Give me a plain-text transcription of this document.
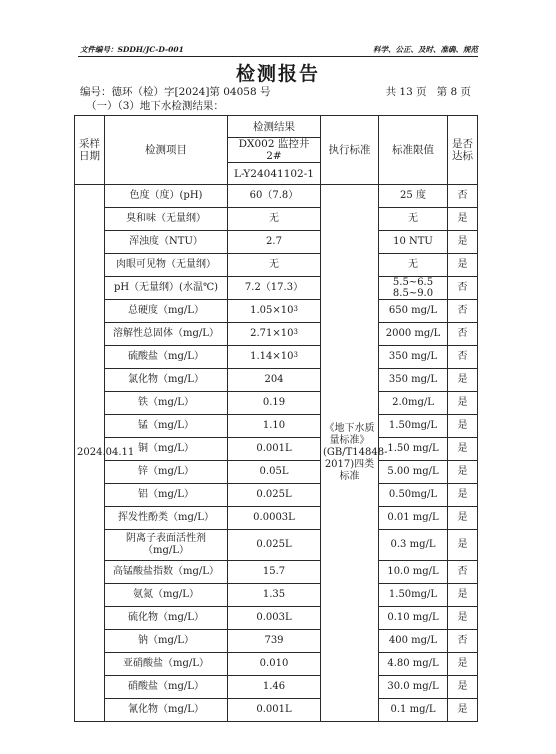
文件编号：SDDH/JC-D-001	科学、公正、及时、准确、规范
检测报告
编号：德环（检）字[2024]第 04058 号	共 13 页 第 8 页
（一）（3）地下水检测结果：
采样日期	检测项目	检测结果	执行标准	标准限值	是否达标
		DX002 监控井 2#			
		L-Y24041102-1			
2024.04.11	色度（度）(pH)	60（7.8）	《地下水质量标准》(GB/T14848-2017)四类标准	25 度	否
	臭和味（无量纲）	无		无	是
	浑浊度（NTU）	2.7		10 NTU	是
	肉眼可见物（无量纲）	无		无	是
	pH（无量纲）(水温℃)	7.2（17.3）		5.5~6.5
8.5~9.0	否
	总硬度（mg/L）	$1.05\times 10^3$		650 mg/L	否
	溶解性总固体（mg/L）	$2.71\times 10^3$		2000 mg/L	否
	硫酸盐（mg/L）	$1.14\times 10^3$		350 mg/L	否
	氯化物（mg/L）	204		350 mg/L	是
	铁（mg/L）	0.19		2.0mg/L	是
	锰（mg/L）	1.10		1.50mg/L	是
	铜（mg/L）	0.001L		1.50 mg/L	是
	锌（mg/L）	0.05L		5.00 mg/L	是
	铝（mg/L）	0.025L		0.50mg/L	是
	挥发性酚类（mg/L）	0.0003L		0.01 mg/L	是
	阴离子表面活性剂（mg/L）	0.025L		0.3 mg/L	是
	高锰酸盐指数（mg/L）	15.7		10.0 mg/L	否
	氨氮（mg/L）	1.35		1.50mg/L	是
	硫化物（mg/L）	0.003L		0.10 mg/L	是
	钠（mg/L）	739		400 mg/L	否
	亚硝酸盐（mg/L）	0.010		4.80 mg/L	是
	硝酸盐（mg/L）	1.46		30.0 mg/L	是
	氰化物（mg/L）	0.001L		0.1 mg/L	是
